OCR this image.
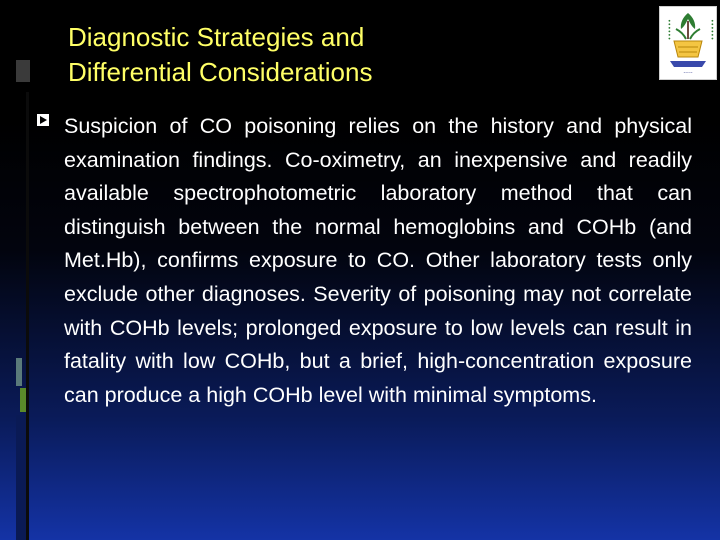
Diagnostic Strategies and
Differential Considerations
••••••	••••••
·····
Suspicion of CO poisoning relies on the history and physical examination findings. Co-oximetry, an inexpensive and readily available spectrophotometric laboratory method that can distinguish between the normal hemoglobins and COHb (and Met.Hb), confirms exposure to CO. Other laboratory tests only exclude other diagnoses. Severity of poisoning may not correlate with COHb levels; prolonged exposure to low levels can result in fatality with low COHb, but a brief, high-concentration exposure can produce a high COHb level with minimal symptoms.
